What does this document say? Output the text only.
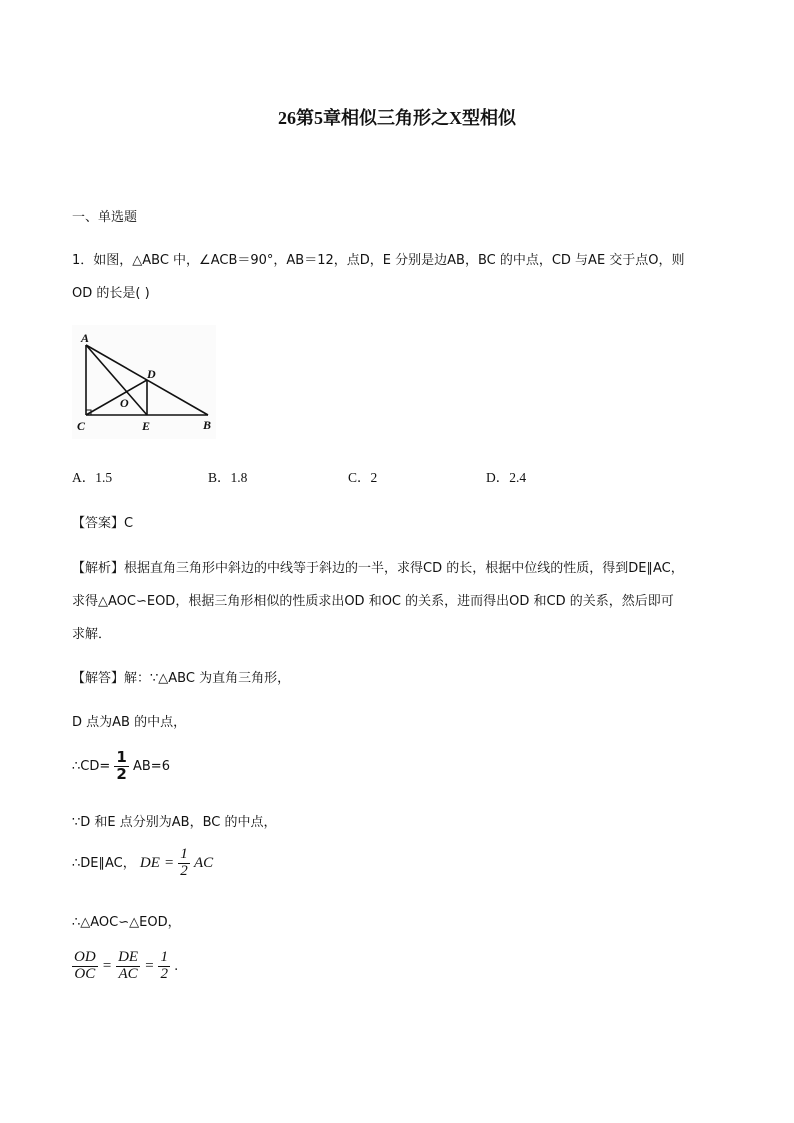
26第5章相似三角形之X型相似
一、单选题
1．如图，△ABC 中，∠ACB＝90°，AB＝12，点D，E 分别是边AB，BC 的中点，CD 与AE 交于点O，则
OD 的长是( )
A
C	E	B
D
O
A．1.5	B．1.8	C．2	D．2.4
【答案】C
【解析】根据直角三角形中斜边的中线等于斜边的一半，求得CD 的长，根据中位线的性质，得到DE∥AC，
求得△AOC∽EOD，根据三角形相似的性质求出OD 和OC 的关系，进而得出OD 和CD 的关系，然后即可
求解．
【解答】解：∵△ABC 为直角三角形，
D 点为AB 的中点，
∴CD= $\frac{1}{2} AB=6$
∵D 和E 点分别为AB，BC 的中点，
∴DE∥AC， DE = $\frac{1}{2}$ AC
∴△AOC∽△EOD，
$\frac{OD}{OC} = \frac{DE}{AC} = \frac{1}{2}$ .
